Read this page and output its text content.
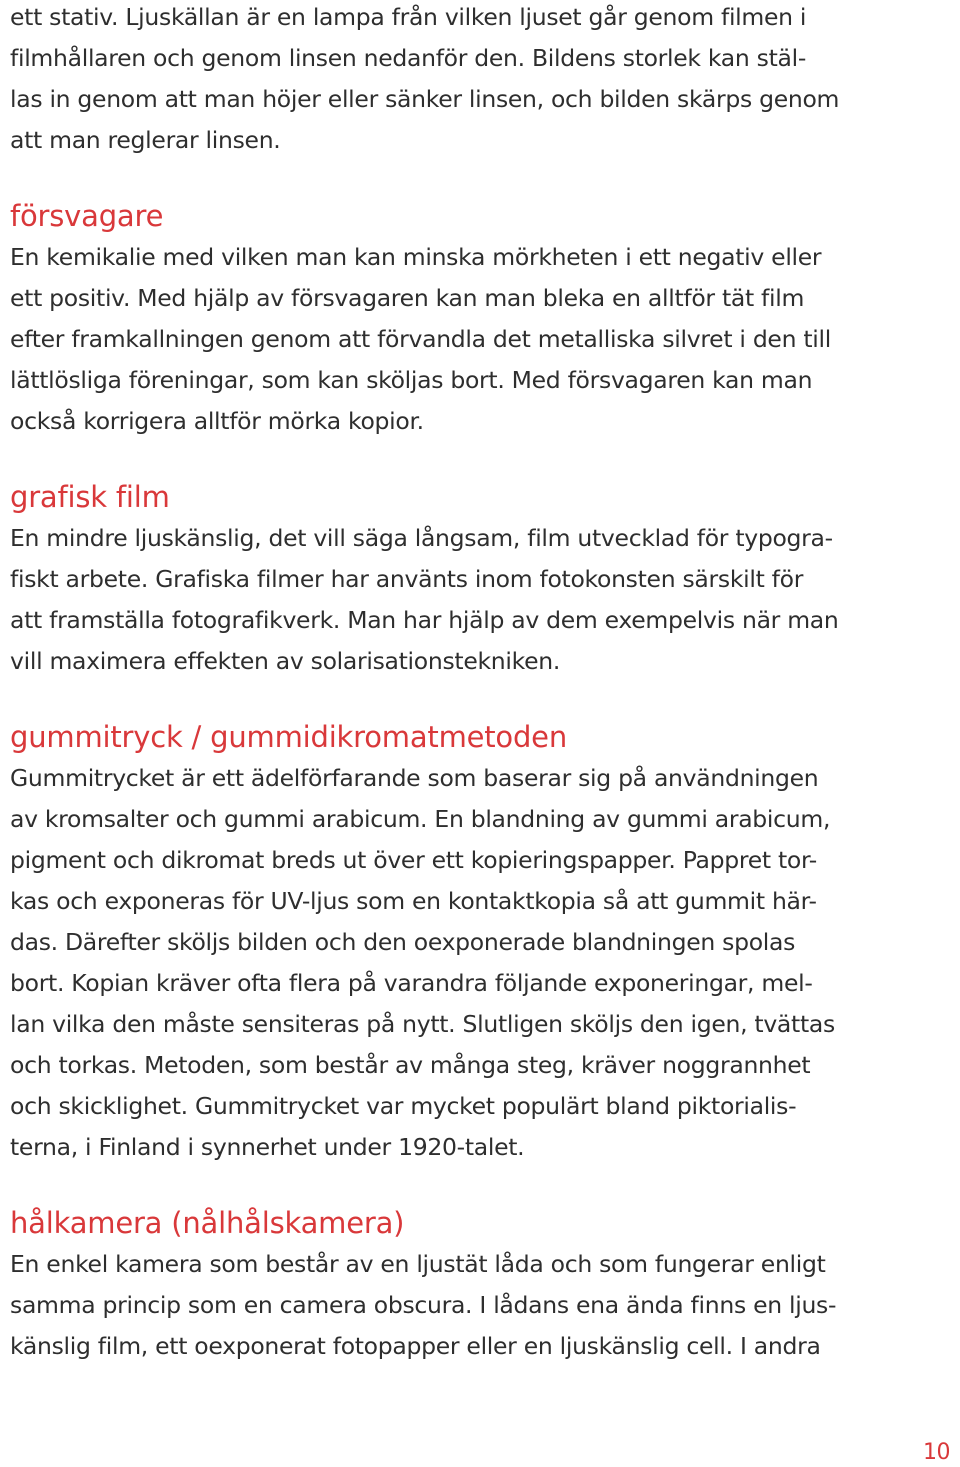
ett stativ. Ljuskällan är en lampa från vilken ljuset går genom filmen i
filmhållaren och genom linsen nedanför den. Bildens storlek kan stäl-
las in genom att man höjer eller sänker linsen, och bilden skärps genom
att man reglerar linsen.
försvagare
En kemikalie med vilken man kan minska mörkheten i ett negativ eller
ett positiv. Med hjälp av försvagaren kan man bleka en alltför tät film
efter framkallningen genom att förvandla det metalliska silvret i den till
lättlösliga föreningar, som kan sköljas bort. Med försvagaren kan man
också korrigera alltför mörka kopior.
grafisk film
En mindre ljuskänslig, det vill säga långsam, film utvecklad för typogra-
fiskt arbete. Grafiska filmer har använts inom fotokonsten särskilt för
att framställa fotografikverk. Man har hjälp av dem exempelvis när man
vill maximera effekten av solarisationstekniken.
gummitryck / gummidikromatmetoden
Gummitrycket är ett ädelförfarande som baserar sig på användningen
av kromsalter och gummi arabicum. En blandning av gummi arabicum,
pigment och dikromat breds ut över ett kopieringspapper. Pappret tor-
kas och exponeras för UV-ljus som en kontaktkopia så att gummit här-
das. Därefter sköljs bilden och den oexponerade blandningen spolas
bort. Kopian kräver ofta flera på varandra följande exponeringar, mel-
lan vilka den måste sensiteras på nytt. Slutligen sköljs den igen, tvättas
och torkas. Metoden, som består av många steg, kräver noggrannhet
och skicklighet. Gummitrycket var mycket populärt bland piktorialis-
terna, i Finland i synnerhet under 1920-talet.
hålkamera (nålhålskamera)
En enkel kamera som består av en ljustät låda och som fungerar enligt
samma princip som en camera obscura. I lådans ena ända finns en ljus-
känslig film, ett oexponerat fotopapper eller en ljuskänslig cell. I andra
10
